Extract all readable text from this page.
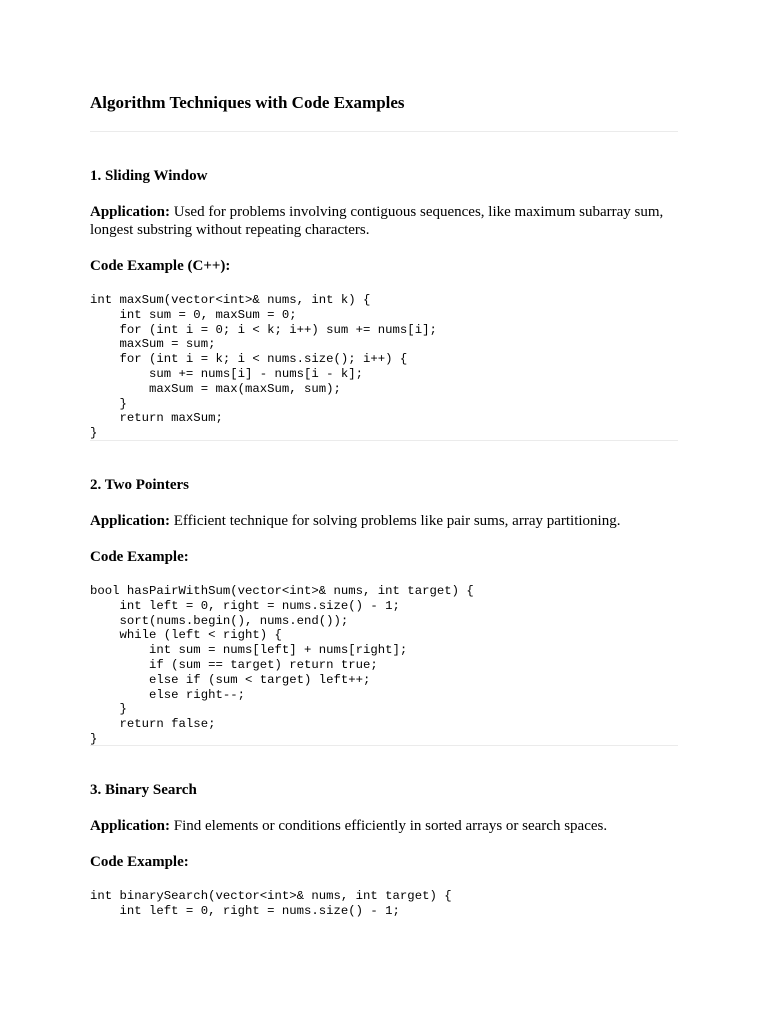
Algorithm Techniques with Code Examples
1. Sliding Window

Application: Used for problems involving contiguous sequences, like maximum subarray sum, longest substring without repeating characters.

Code Example (C++):

int maxSum(vector<int>& nums, int k) {
int sum = 0, maxSum = 0;
for (int i = 0; i < k; i++) sum += nums[i];
maxSum = sum;
for (int i = k; i < nums.size(); i++) {
sum += nums[i] - nums[i - k];
maxSum = max(maxSum, sum);
}
return maxSum;
}
2. Two Pointers

Application: Efficient technique for solving problems like pair sums, array partitioning.

Code Example:

bool hasPairWithSum(vector<int>& nums, int target) {
int left = 0, right = nums.size() - 1;
sort(nums.begin(), nums.end());
while (left < right) {
int sum = nums[left] + nums[right];
if (sum == target) return true;
else if (sum < target) left++;
else right--;
}
return false;
}
3. Binary Search

Application: Find elements or conditions efficiently in sorted arrays or search spaces.

Code Example:

int binarySearch(vector<int>& nums, int target) {
int left = 0, right = nums.size() - 1;
